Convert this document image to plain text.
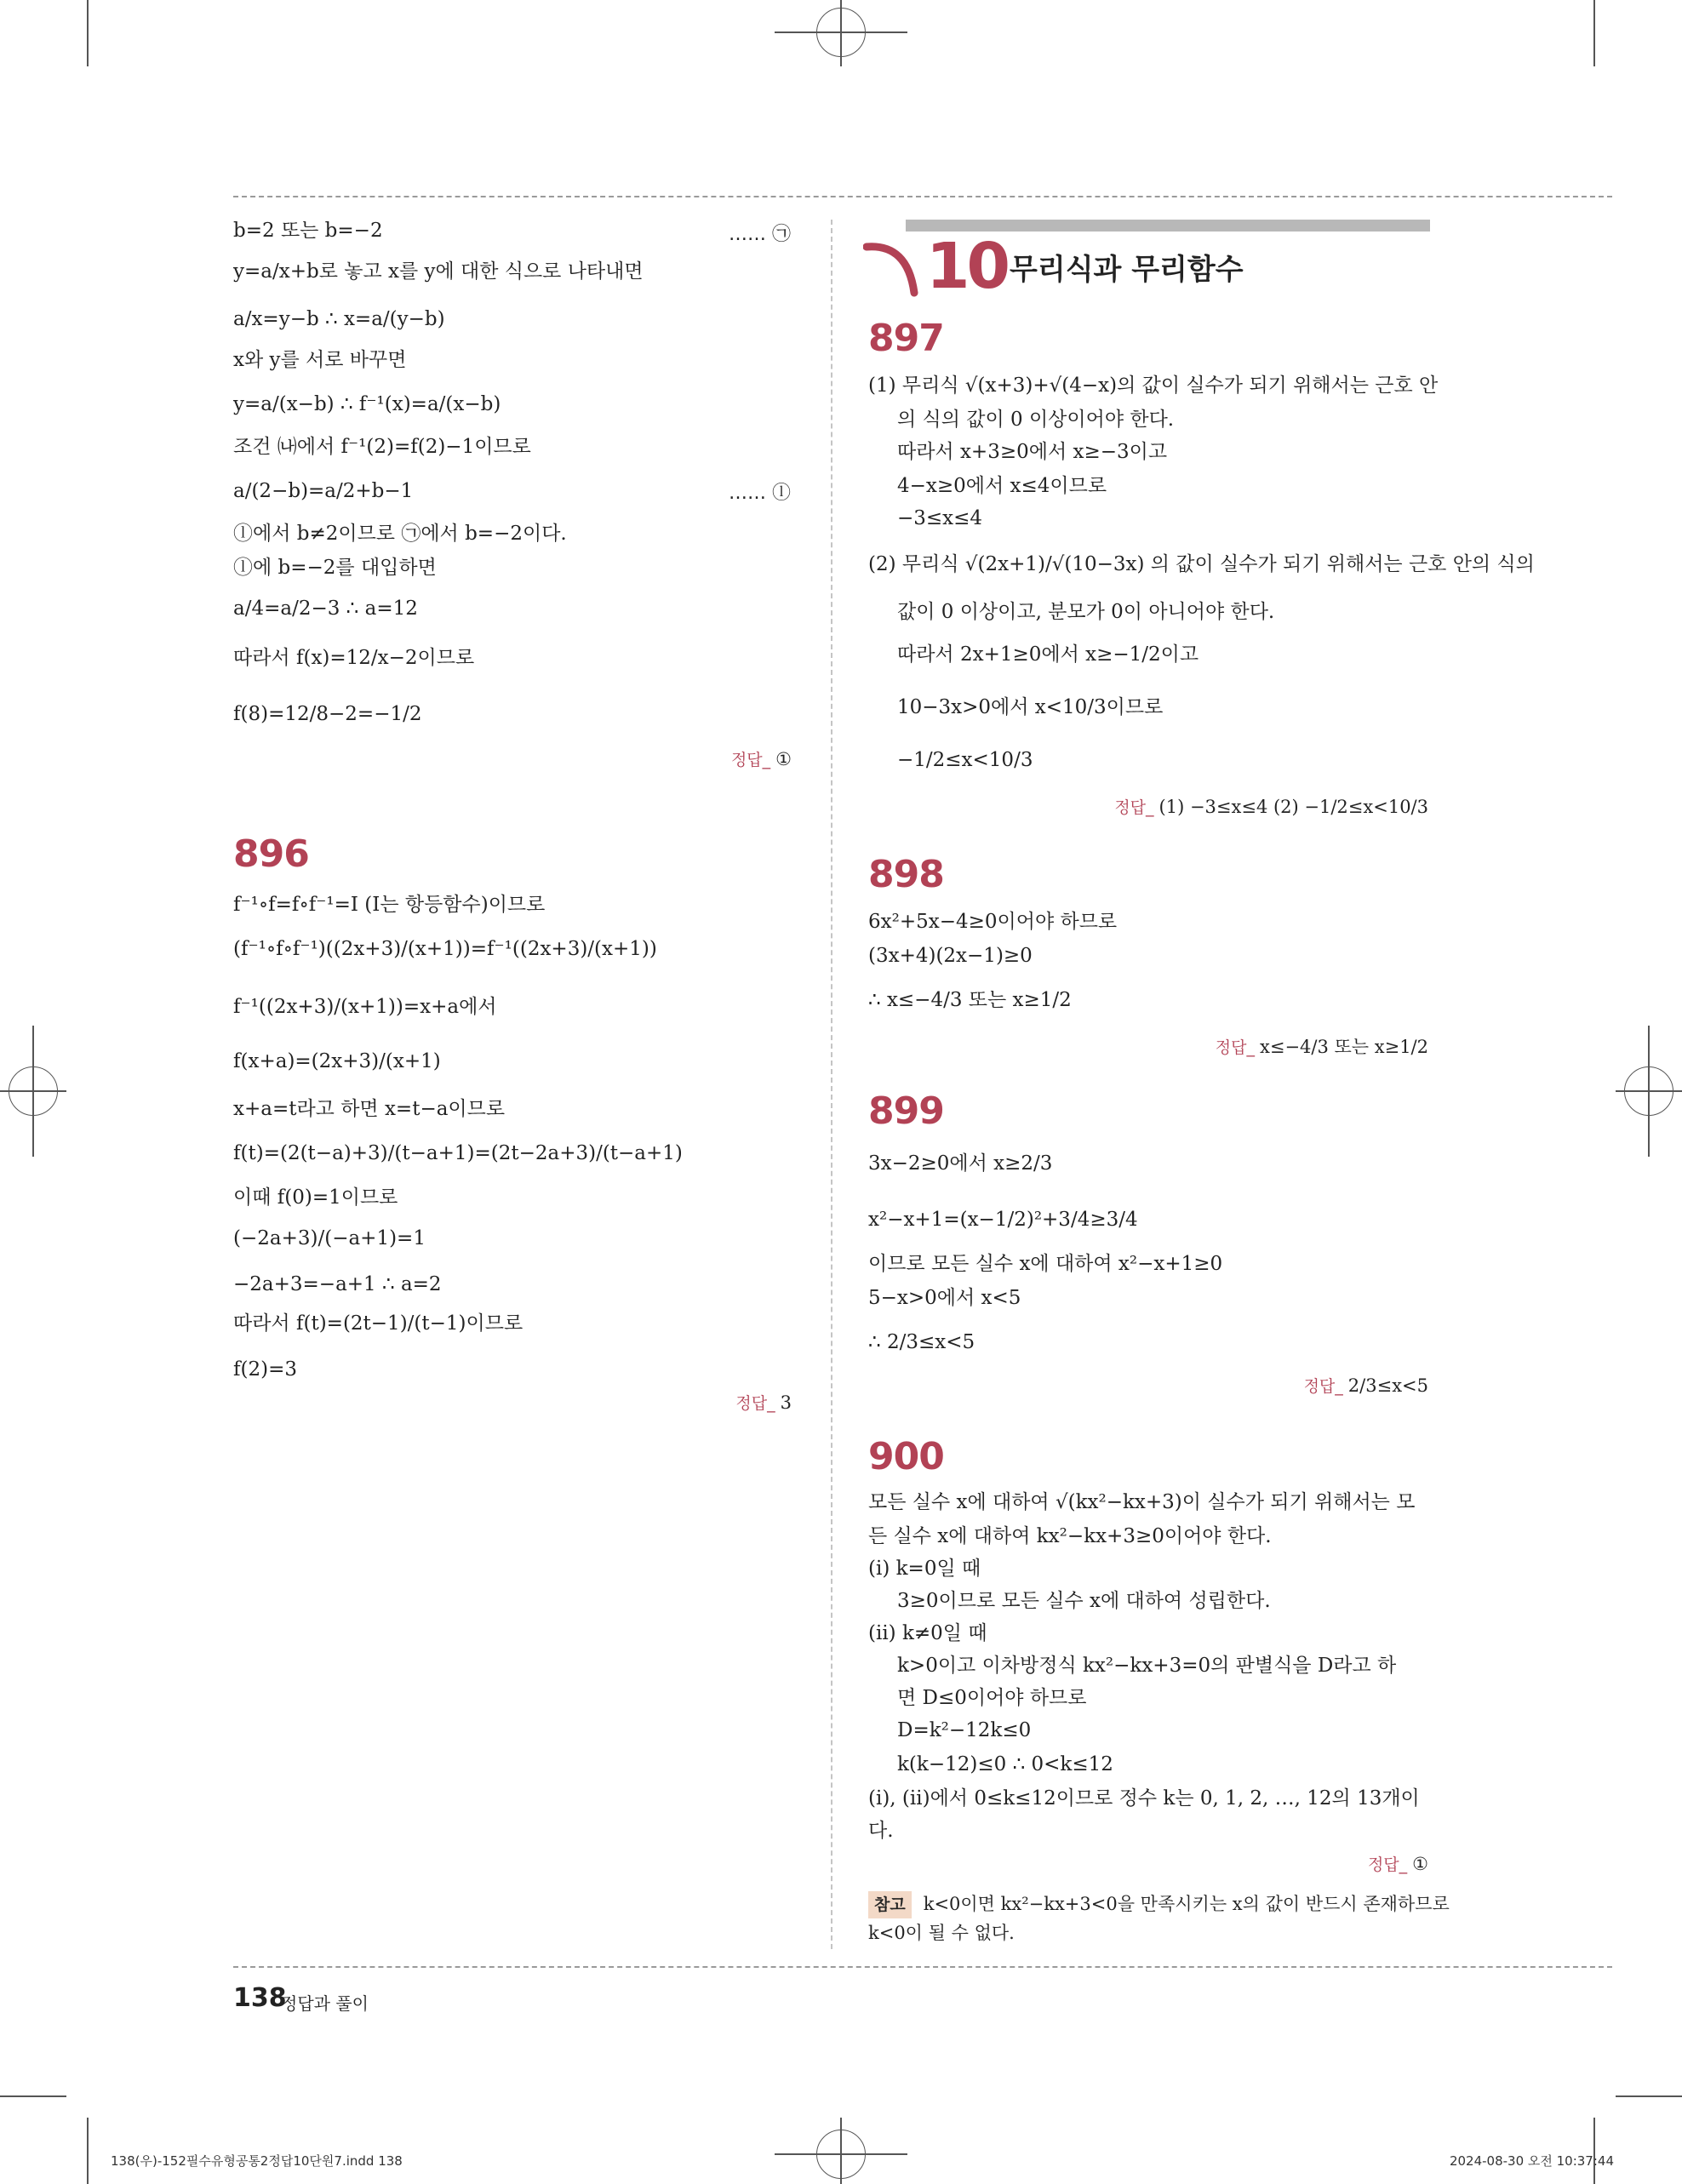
b=2 또는 b=−2	…… ㉠
y=a/x+b로 놓고 x를 y에 대한 식으로 나타내면
a/x=y−b ∴ x=a/(y−b)
x와 y를 서로 바꾸면
y=a/(x−b) ∴ f⁻¹(x)=a/(x−b)
조건 ㈏에서 f⁻¹(2)=f(2)−1이므로
a/(2−b)=a/2+b−1	…… ⓛ
ⓛ에서 b≠2이므로 ㉠에서 b=−2이다.
ⓛ에 b=−2를 대입하면
a/4=a/2−3 ∴ a=12
따라서 f(x)=12/x−2이므로
f(8)=12/8−2=−1/2
정답_ ①
896
f⁻¹∘f=f∘f⁻¹=I (I는 항등함수)이므로
(f⁻¹∘f∘f⁻¹)((2x+3)/(x+1))=f⁻¹((2x+3)/(x+1))
f⁻¹((2x+3)/(x+1))=x+a에서
f(x+a)=(2x+3)/(x+1)
x+a=t라고 하면 x=t−a이므로
f(t)=(2(t−a)+3)/(t−a+1)=(2t−2a+3)/(t−a+1)
이때 f(0)=1이므로
(−2a+3)/(−a+1)=1
−2a+3=−a+1 ∴ a=2
따라서 f(t)=(2t−1)/(t−1)이므로
f(2)=3
정답_ 3
10 무리식과 무리함수
897
(1) 무리식 √(x+3)+√(4−x)의 값이 실수가 되기 위해서는 근호 안
의 식의 값이 0 이상이어야 한다.
따라서 x+3≥0에서 x≥−3이고
4−x≥0에서 x≤4이므로
−3≤x≤4
(2) 무리식 √(2x+1)/√(10−3x) 의 값이 실수가 되기 위해서는 근호 안의 식의
값이 0 이상이고, 분모가 0이 아니어야 한다.
따라서 2x+1≥0에서 x≥−1/2이고
10−3x>0에서 x<10/3이므로
−1/2≤x<10/3
정답_ (1) −3≤x≤4 (2) −1/2≤x<10/3
898
6x²+5x−4≥0이어야 하므로
(3x+4)(2x−1)≥0
∴ x≤−4/3 또는 x≥1/2
정답_ x≤−4/3 또는 x≥1/2
899
3x−2≥0에서 x≥2/3
x²−x+1=(x−1/2)²+3/4≥3/4
이므로 모든 실수 x에 대하여 x²−x+1≥0
5−x>0에서 x<5
∴ 2/3≤x<5
정답_ 2/3≤x<5
900
모든 실수 x에 대하여 √(kx²−kx+3)이 실수가 되기 위해서는 모
든 실수 x에 대하여 kx²−kx+3≥0이어야 한다.
(ⅰ) k=0일 때
3≥0이므로 모든 실수 x에 대하여 성립한다.
(ⅱ) k≠0일 때
k>0이고 이차방정식 kx²−kx+3=0의 판별식을 D라고 하
면 D≤0이어야 하므로
D=k²−12k≤0
k(k−12)≤0 ∴ 0<k≤12
(ⅰ), (ⅱ)에서 0≤k≤12이므로 정수 k는 0, 1, 2, …, 12의 13개이
다.
정답_ ①
참고 k<0이면 kx²−kx+3<0을 만족시키는 x의 값이 반드시 존재하므로
k<0이 될 수 없다.
138
정답과 풀이
138(우)-152필수유형공통2정답10단원7.indd 138	2024-08-30 오전 10:37:44
